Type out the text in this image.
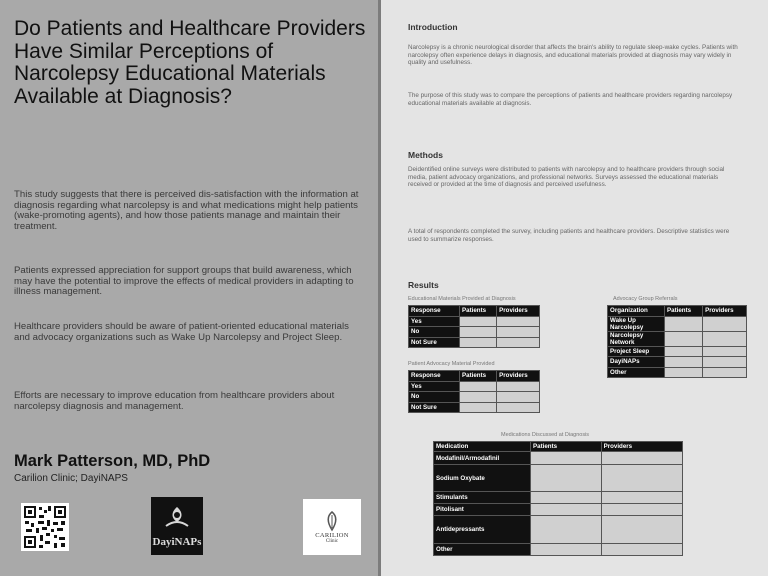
Do Patients and Healthcare Providers Have Similar Perceptions of Narcolepsy Educational Materials Available at Diagnosis?

This study suggests that there is perceived dis-satisfaction with the information at diagnosis regarding what narcolepsy is and what medications might help patients (wake-promoting agents), and how those patients manage and maintain their treatment.

Patients expressed appreciation for support groups that build awareness, which may have the potential to improve the effects of medical providers in adapting to illness management.

Healthcare providers should be aware of patient-oriented educational materials and advocacy organizations such as Wake Up Narcolepsy and Project Sleep.

Efforts are necessary to improve education from healthcare providers about narcolepsy diagnosis and management.

Mark Patterson, MD, PhD
Carilion Clinic; DayiNAPS
DayiNAPs
CARILION
Clinic
Introduction

Narcolepsy is a chronic neurological disorder that affects the brain's ability to regulate sleep-wake cycles. Patients with narcolepsy often experience delays in diagnosis, and educational materials provided at diagnosis may vary widely in quality and usefulness.

The purpose of this study was to compare the perceptions of patients and healthcare providers regarding narcolepsy educational materials available at diagnosis.

Methods

Deidentified online surveys were distributed to patients with narcolepsy and to healthcare providers through social media, patient advocacy organizations, and professional networks. Surveys assessed the educational materials received or provided at the time of diagnosis and perceived usefulness.

A total of respondents completed the survey, including patients and healthcare providers. Descriptive statistics were used to summarize responses.

Results
Educational Materials Provided at Diagnosis
Response	Patients	Providers
Yes		
No		
Not Sure		
Patient Advocacy Material Provided
Response	Patients	Providers
Yes		
No		
Not Sure		
Advocacy Group Referrals
Organization	Patients	Providers
Wake Up Narcolepsy		
Narcolepsy Network		
Project Sleep		
DayiNAPs		
Other		
Medications Discussed at Diagnosis
Medication	Patients	Providers
Modafinil/Armodafinil		
Sodium Oxybate		
Stimulants		
Pitolisant		
Antidepressants		
Other		
